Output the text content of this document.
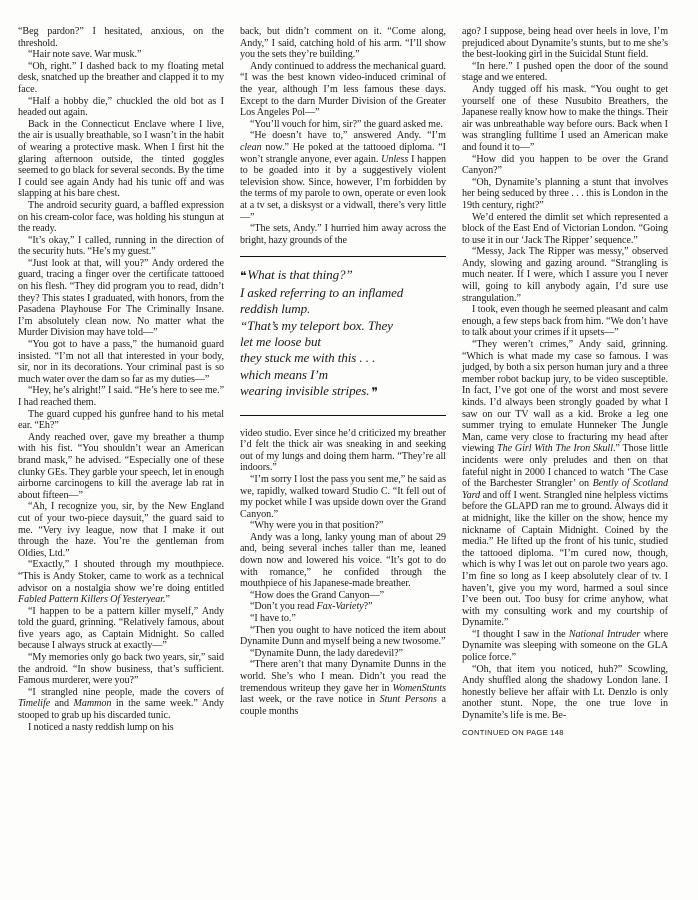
“Beg pardon?” I hesitated, anxious, on the threshold.

“Hair note save. War musk.”

“Oh, right.” I dashed back to my floating metal desk, snatched up the breather and clapped it to my face.

“Half a hobby die,” chuckled the old bot as I headed out again.

Back in the Connecticut Enclave where I live, the air is usually breathable, so I wasn’t in the habit of wearing a protective mask. When I first hit the glaring afternoon outside, the tinted goggles seemed to go black for several seconds. By the time I could see again Andy had his tunic off and was slapping at his bare chest.

The android security guard, a baffled expression on his cream-color face, was holding his stungun at the ready.

“It’s okay,” I called, running in the direction of the security huts. “He’s my guest.”

“Just look at that, will you?” Andy ordered the guard, tracing a finger over the certificate tattooed on his flesh. “They did program you to read, didn’t they? This states I graduated, with honors, from the Pasadena Playhouse For The Criminally Insane. I’m absolutely clean now. No matter what the Murder Division may have told—”

“You got to have a pass,” the humanoid guard insisted. “I’m not all that interested in your body, sir, nor in its decorations. Your criminal past is so much water over the dam so far as my duties—”

“Hey, he’s alright!” I said. “He’s here to see me.” I had reached them.

The guard cupped his gunfree hand to his metal ear. “Eh?”

Andy reached over, gave my breather a thump with his fist. “You shouldn’t wear an American brand mask,” he advised. “Especially one of these clunky GEs. They garble your speech, let in enough airborne carcinogens to kill the average lab rat in about fifteen—”

“Ah, I recognize you, sir, by the New England cut of your two-piece daysuit,” the guard said to me. “Very ivy league, now that I make it out through the haze. You’re the gentleman from Oldies, Ltd.”

“Exactly,” I shouted through my mouthpiece. “This is Andy Stoker, came to work as a technical advisor on a nostalgia show we’re doing entitled Fabled Pattern Killers Of Yesteryear.”

“I happen to be a pattern killer myself,” Andy told the guard, grinning. “Relatively famous, about five years ago, as Captain Midnight. So called because I always struck at exactly—”

“My memories only go back two years, sir,” said the android. “In show business, that’s sufficient. Famous murderer, were you?”

“I strangled nine people, made the covers of Timelife and Mammon in the same week.” Andy stooped to grab up his discarded tunic.

I noticed a nasty reddish lump on his

back, but didn’t comment on it. “Come along, Andy,” I said, catching hold of his arm. “I’ll show you the sets they’re building.”

Andy continued to address the mechanical guard. “I was the best known video-induced criminal of the year, although I’m less famous these days. Except to the darn Murder Division of the Greater Los Angeles Pol—”

“You’ll vouch for him, sir?” the guard asked me.

“He doesn’t have to,” answered Andy. “I’m clean now.” He poked at the tattooed diploma. “I won’t strangle anyone, ever again. Unless I happen to be goaded into it by a suggestively violent television show. Since, however, I’m forbidden by the terms of my parole to own, operate or even look at a tv set, a disksyst or a vidwall, there’s very little—”

“The sets, Andy.” I hurried him away across the bright, hazy grounds of the

❝ What is that thing?”
I asked referring to an inflamed
reddish lump.
“That’s my teleport box. They
let me loose but
they stuck me with this . . .
which means I’m
wearing invisible stripes. ❞

video studio. Ever since he’d criticized my breather I’d felt the thick air was sneaking in and seeking out of my lungs and doing them harm. “They’re all indoors.”

“I’m sorry I lost the pass you sent me,” he said as we, rapidly, walked toward Studio C. “It fell out of my pocket while I was upside down over the Grand Canyon.”

“Why were you in that position?”

Andy was a long, lanky young man of about 29 and, being several inches taller than me, leaned down now and lowered his voice. “It’s got to do with romance,” he confided through the mouthpiece of his Japanese-made breather.

“How does the Grand Canyon—”

“Don’t you read Fax-Variety?”

“I have to.”

“Then you ought to have noticed the item about Dynamite Dunn and myself being a new twosome.”

“Dynamite Dunn, the lady daredevil?”

“There aren’t that many Dynamite Dunns in the world. She’s who I mean. Didn’t you read the tremendous writeup they gave her in WomenStunts last week, or the rave notice in Stunt Persons a couple months

ago? I suppose, being head over heels in love, I’m prejudiced about Dynamite’s stunts, but to me she’s the best-looking girl in the Suicidal Stunt field.

“In here.” I pushed open the door of the sound stage and we entered.

Andy tugged off his mask. “You ought to get yourself one of these Nusubito Breathers, the Japanese really know how to make the things. Their air was unbreathable way before ours. Back when I was strangling fulltime I used an American make and found it to—”

“How did you happen to be over the Grand Canyon?”

“Oh, Dynamite’s planning a stunt that involves her being seduced by three . . . this is London in the 19th century, right?”

We’d entered the dimlit set which represented a block of the East End of Victorian London. “Going to use it in our ‘Jack The Ripper’ sequence.”

“Messy, Jack The Ripper was messy,” observed Andy, slowing and gazing around. “Strangling is much neater. If I were, which I assure you I never will, going to kill anybody again, I’d sure use strangulation.”

I took, even though he seemed pleasant and calm enough, a few steps back from him. “We don’t have to talk about your crimes if it upsets—”

“They weren’t crimes,” Andy said, grinning. “Which is what made my case so famous. I was judged, by both a six person human jury and a three member robot backup jury, to be video susceptible. In fact, I’ve got one of the worst and most severe kinds. I’d always been strongly goaded by what I saw on our TV wall as a kid. Broke a leg one summer trying to emulate Hunneker The Jungle Man, came very close to fracturing my head after viewing The Girl With The Iron Skull.” Those little incidents were only preludes and then on that fateful night in 2000 I chanced to watch ‘The Case of the Barchester Strangler’ on Bently of Scotland Yard and off I went. Strangled nine helpless victims before the GLAPD ran me to ground. Always did it at midnight, like the killer on the show, hence my nickname of Captain Midnight. Coined by the media.” He lifted up the front of his tunic, studied the tattooed diploma. “I’m cured now, though, which is why I was let out on parole two years ago. I’m fine so long as I keep absolutely clear of tv. I haven’t, give you my word, harmed a soul since I’ve been out. Too busy for crime anyhow, what with my consulting work and my courtship of Dynamite.”

“I thought I saw in the National Intruder where Dynamite was sleeping with someone on the GLA police force.”

“Oh, that item you noticed, huh?” Scowling, Andy shuffled along the shadowy London lane. I honestly believe her affair with Lt. Denzlo is only another stunt. Nope, the one true love in Dynamite’s life is me. Be-

CONTINUED ON PAGE 148
